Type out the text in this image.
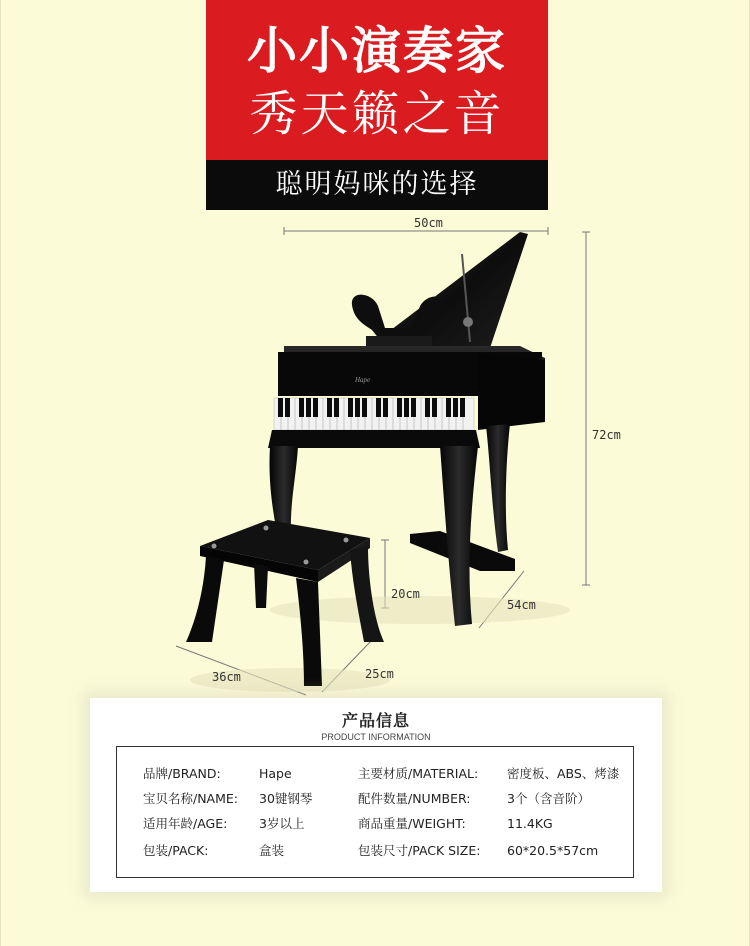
小小演奏家
秀天籁之音
聪明妈咪的选择
Hape
50cm
72cm
54cm
20cm
36cm	25cm
产品信息
PRODUCT INFORMATION
品牌/BRAND:	Hape	主要材质/MATERIAL: 密度板、ABS、烤漆
宝贝名称/NAME: 30键钢琴	配件数量/NUMBER:	3个（含音阶）
适用年龄/AGE:	3岁以上	商品重量/WEIGHT:	11.4KG
包装/PACK:	盒装	包装尺寸/PACK SIZE: 60*20.5*57cm
